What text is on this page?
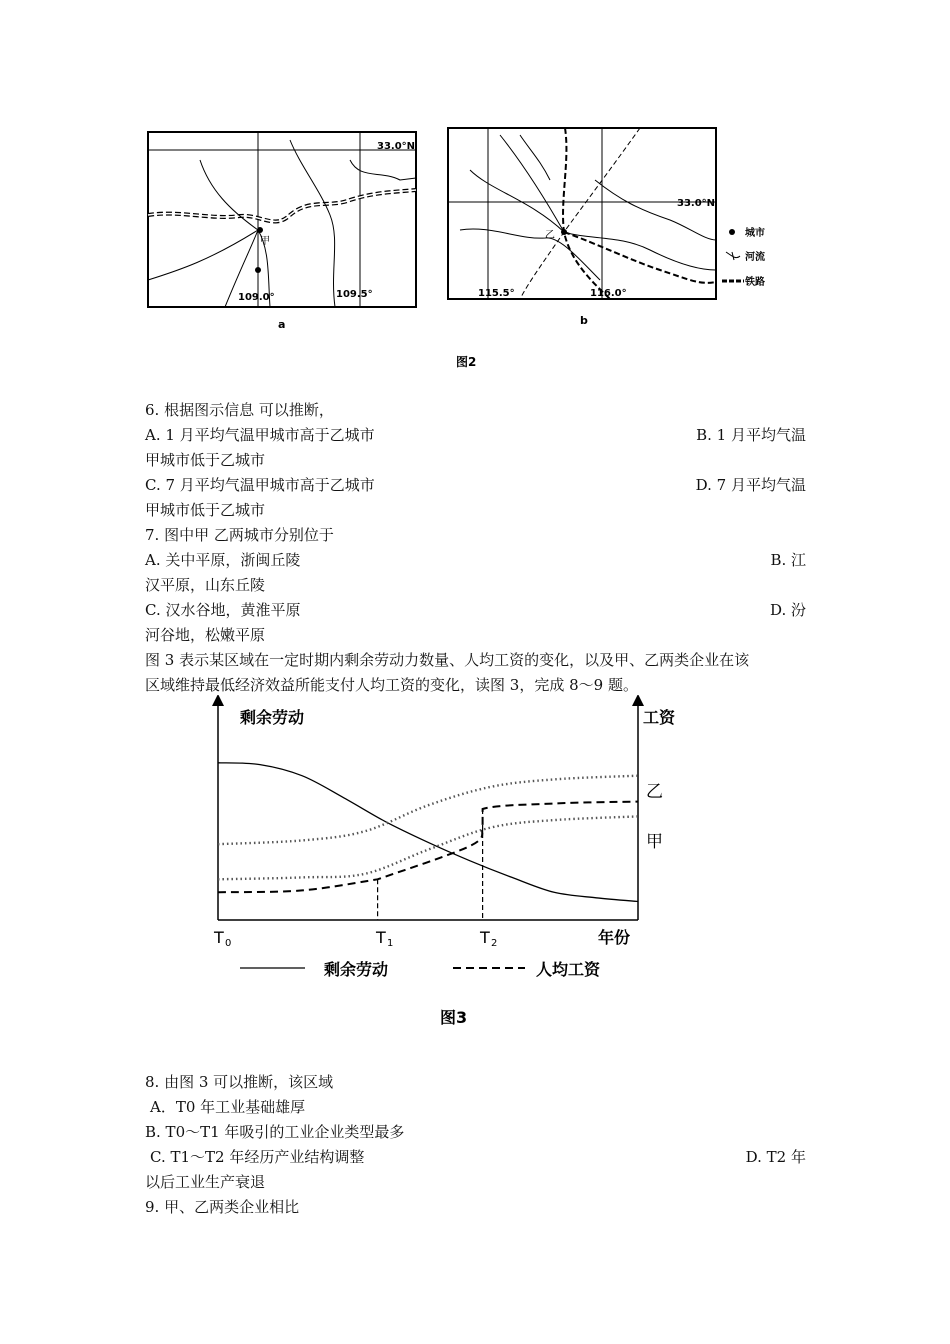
33.0°N
甲
109.0°	109.5°
a
乙
33.0°N
115.5°	116.0°
b
城市
河流
铁路
图2
6. 根据图示信息 可以推断，
A. 1 月平均气温甲城市高于乙城市	B. 1 月平均气温
甲城市低于乙城市
C. 7 月平均气温甲城市高于乙城市	D. 7 月平均气温
甲城市低于乙城市
7. 图中甲 乙两城市分别位于
A. 关中平原，浙闽丘陵	B. 江
汉平原，山东丘陵
C. 汉水谷地，黄淮平原	D. 汾
河谷地，松嫩平原
图 3 表示某区域在一定时期内剩余劳动力数量、人均工资的变化，以及甲、乙两类企业在该
区域维持最低经济效益所能支付人均工资的变化，读图 3，完成 8～9 题。
剩余劳动	工资
年份
T 0	T 1	T 2
乙
甲
剩余劳动	人均工资
图3
8. 由图 3 可以推断，该区域
A．T0 年工业基础雄厚
B. T0～T1 年吸引的工业企业类型最多
C. T1～T2 年经历产业结构调整	D. T2 年
以后工业生产衰退
9. 甲、乙两类企业相比
